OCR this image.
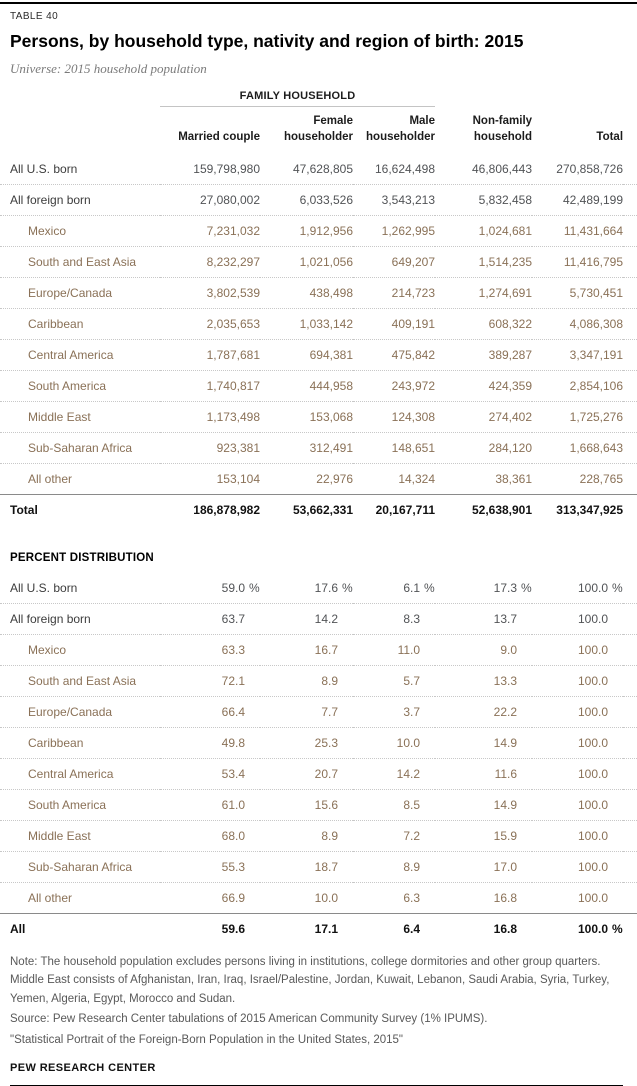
TABLE 40
Persons, by household type, nativity and region of birth: 2015
Universe: 2015 household population
	FAMILY HOUSEHOLD					
	Married couple	Female householder	Male householder	Non-family household	Total	
All U.S. born	159,798,980	47,628,805	16,624,498	46,806,443	270,858,726	
All foreign born	27,080,002	6,033,526	3,543,213	5,832,458	42,489,199	
Mexico	7,231,032	1,912,956	1,262,995	1,024,681	11,431,664	
South and East Asia	8,232,297	1,021,056	649,207	1,514,235	11,416,795	
Europe/Canada	3,802,539	438,498	214,723	1,274,691	5,730,451	
Caribbean	2,035,653	1,033,142	409,191	608,322	4,086,308	
Central America	1,787,681	694,381	475,842	389,287	3,347,191	
South America	1,740,817	444,958	243,972	424,359	2,854,106	
Middle East	1,173,498	153,068	124,308	274,402	1,725,276	
Sub-Saharan Africa	923,381	312,491	148,651	284,120	1,668,643	
All other	153,104	22,976	14,324	38,361	228,765	
Total	186,878,982	53,662,331	20,167,711	52,638,901	313,347,925	
PERCENT DISTRIBUTION						
All U.S. born	59.0 %	17.6 %	6.1 %	17.3 %	100.0 %	
All foreign born	63.7	14.2	8.3	13.7	100.0	
Mexico	63.3	16.7	11.0	9.0	100.0	
South and East Asia	72.1	8.9	5.7	13.3	100.0	
Europe/Canada	66.4	7.7	3.7	22.2	100.0	
Caribbean	49.8	25.3	10.0	14.9	100.0	
Central America	53.4	20.7	14.2	11.6	100.0	
South America	61.0	15.6	8.5	14.9	100.0	
Middle East	68.0	8.9	7.2	15.9	100.0	
Sub-Saharan Africa	55.3	18.7	8.9	17.0	100.0	
All other	66.9	10.0	6.3	16.8	100.0	
All	59.6	17.1	6.4	16.8	100.0 %	
Note: The household population excludes persons living in institutions, college dormitories and other group quarters. Middle East consists of Afghanistan, Iran, Iraq, Israel/Palestine, Jordan, Kuwait, Lebanon, Saudi Arabia, Syria, Turkey, Yemen, Algeria, Egypt, Morocco and Sudan.
Source: Pew Research Center tabulations of 2015 American Community Survey (1% IPUMS).
"Statistical Portrait of the Foreign-Born Population in the United States, 2015"
PEW RESEARCH CENTER
